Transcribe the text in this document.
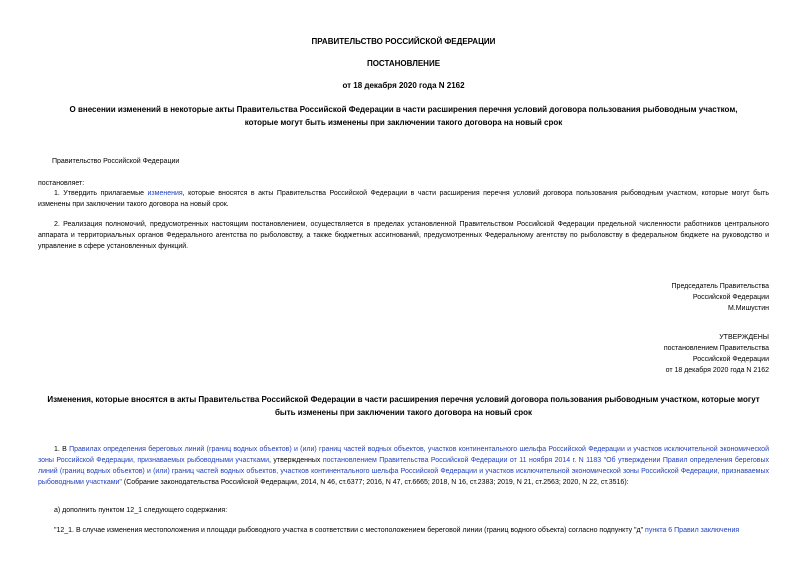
ПРАВИТЕЛЬСТВО РОССИЙСКОЙ ФЕДЕРАЦИИ
ПОСТАНОВЛЕНИЕ
от 18 декабря 2020 года N 2162
О внесении изменений в некоторые акты Правительства Российской Федерации в части расширения перечня условий договора пользования рыбоводным участком, которые могут быть изменены при заключении такого договора на новый срок
Правительство Российской Федерации
постановляет:
1. Утвердить прилагаемые изменения, которые вносятся в акты Правительства Российской Федерации в части расширения перечня условий договора пользования рыбоводным участком, которые могут быть изменены при заключении такого договора на новый срок.
2. Реализация полномочий, предусмотренных настоящим постановлением, осуществляется в пределах установленной Правительством Российской Федерации предельной численности работников центрального аппарата и территориальных органов Федерального агентства по рыболовству, а также бюджетных ассигнований, предусмотренных Федеральному агентству по рыболовству в федеральном бюджете на руководство и управление в сфере установленных функций.
Председатель Правительства
Российской Федерации
М.Мишустин
УТВЕРЖДЕНЫ
постановлением Правительства
Российской Федерации
от 18 декабря 2020 года N 2162
Изменения, которые вносятся в акты Правительства Российской Федерации в части расширения перечня условий договора пользования рыбоводным участком, которые могут быть изменены при заключении такого договора на новый срок
1. В Правилах определения береговых линий (границ водных объектов) и (или) границ частей водных объектов, участков континентального шельфа Российской Федерации и участков исключительной экономической зоны Российской Федерации, признаваемых рыбоводными участками, утвержденных постановлением Правительства Российской Федерации от 11 ноября 2014 г. N 1183 "Об утверждении Правил определения береговых линий (границ водных объектов) и (или) границ частей водных объектов, участков континентального шельфа Российской Федерации и участков исключительной экономической зоны Российской Федерации, признаваемых рыбоводными участками" (Собрание законодательства Российской Федерации, 2014, N 46, ст.6377; 2016, N 47, ст.6665; 2018, N 16, ст.2383; 2019, N 21, ст.2563; 2020, N 22, ст.3516):
а) дополнить пунктом 12_1 следующего содержания:
"12_1. В случае изменения местоположения и площади рыбоводного участка в соответствии с местоположением береговой линии (границ водного объекта) согласно подпункту "д" пункта 6 Правил заключения
